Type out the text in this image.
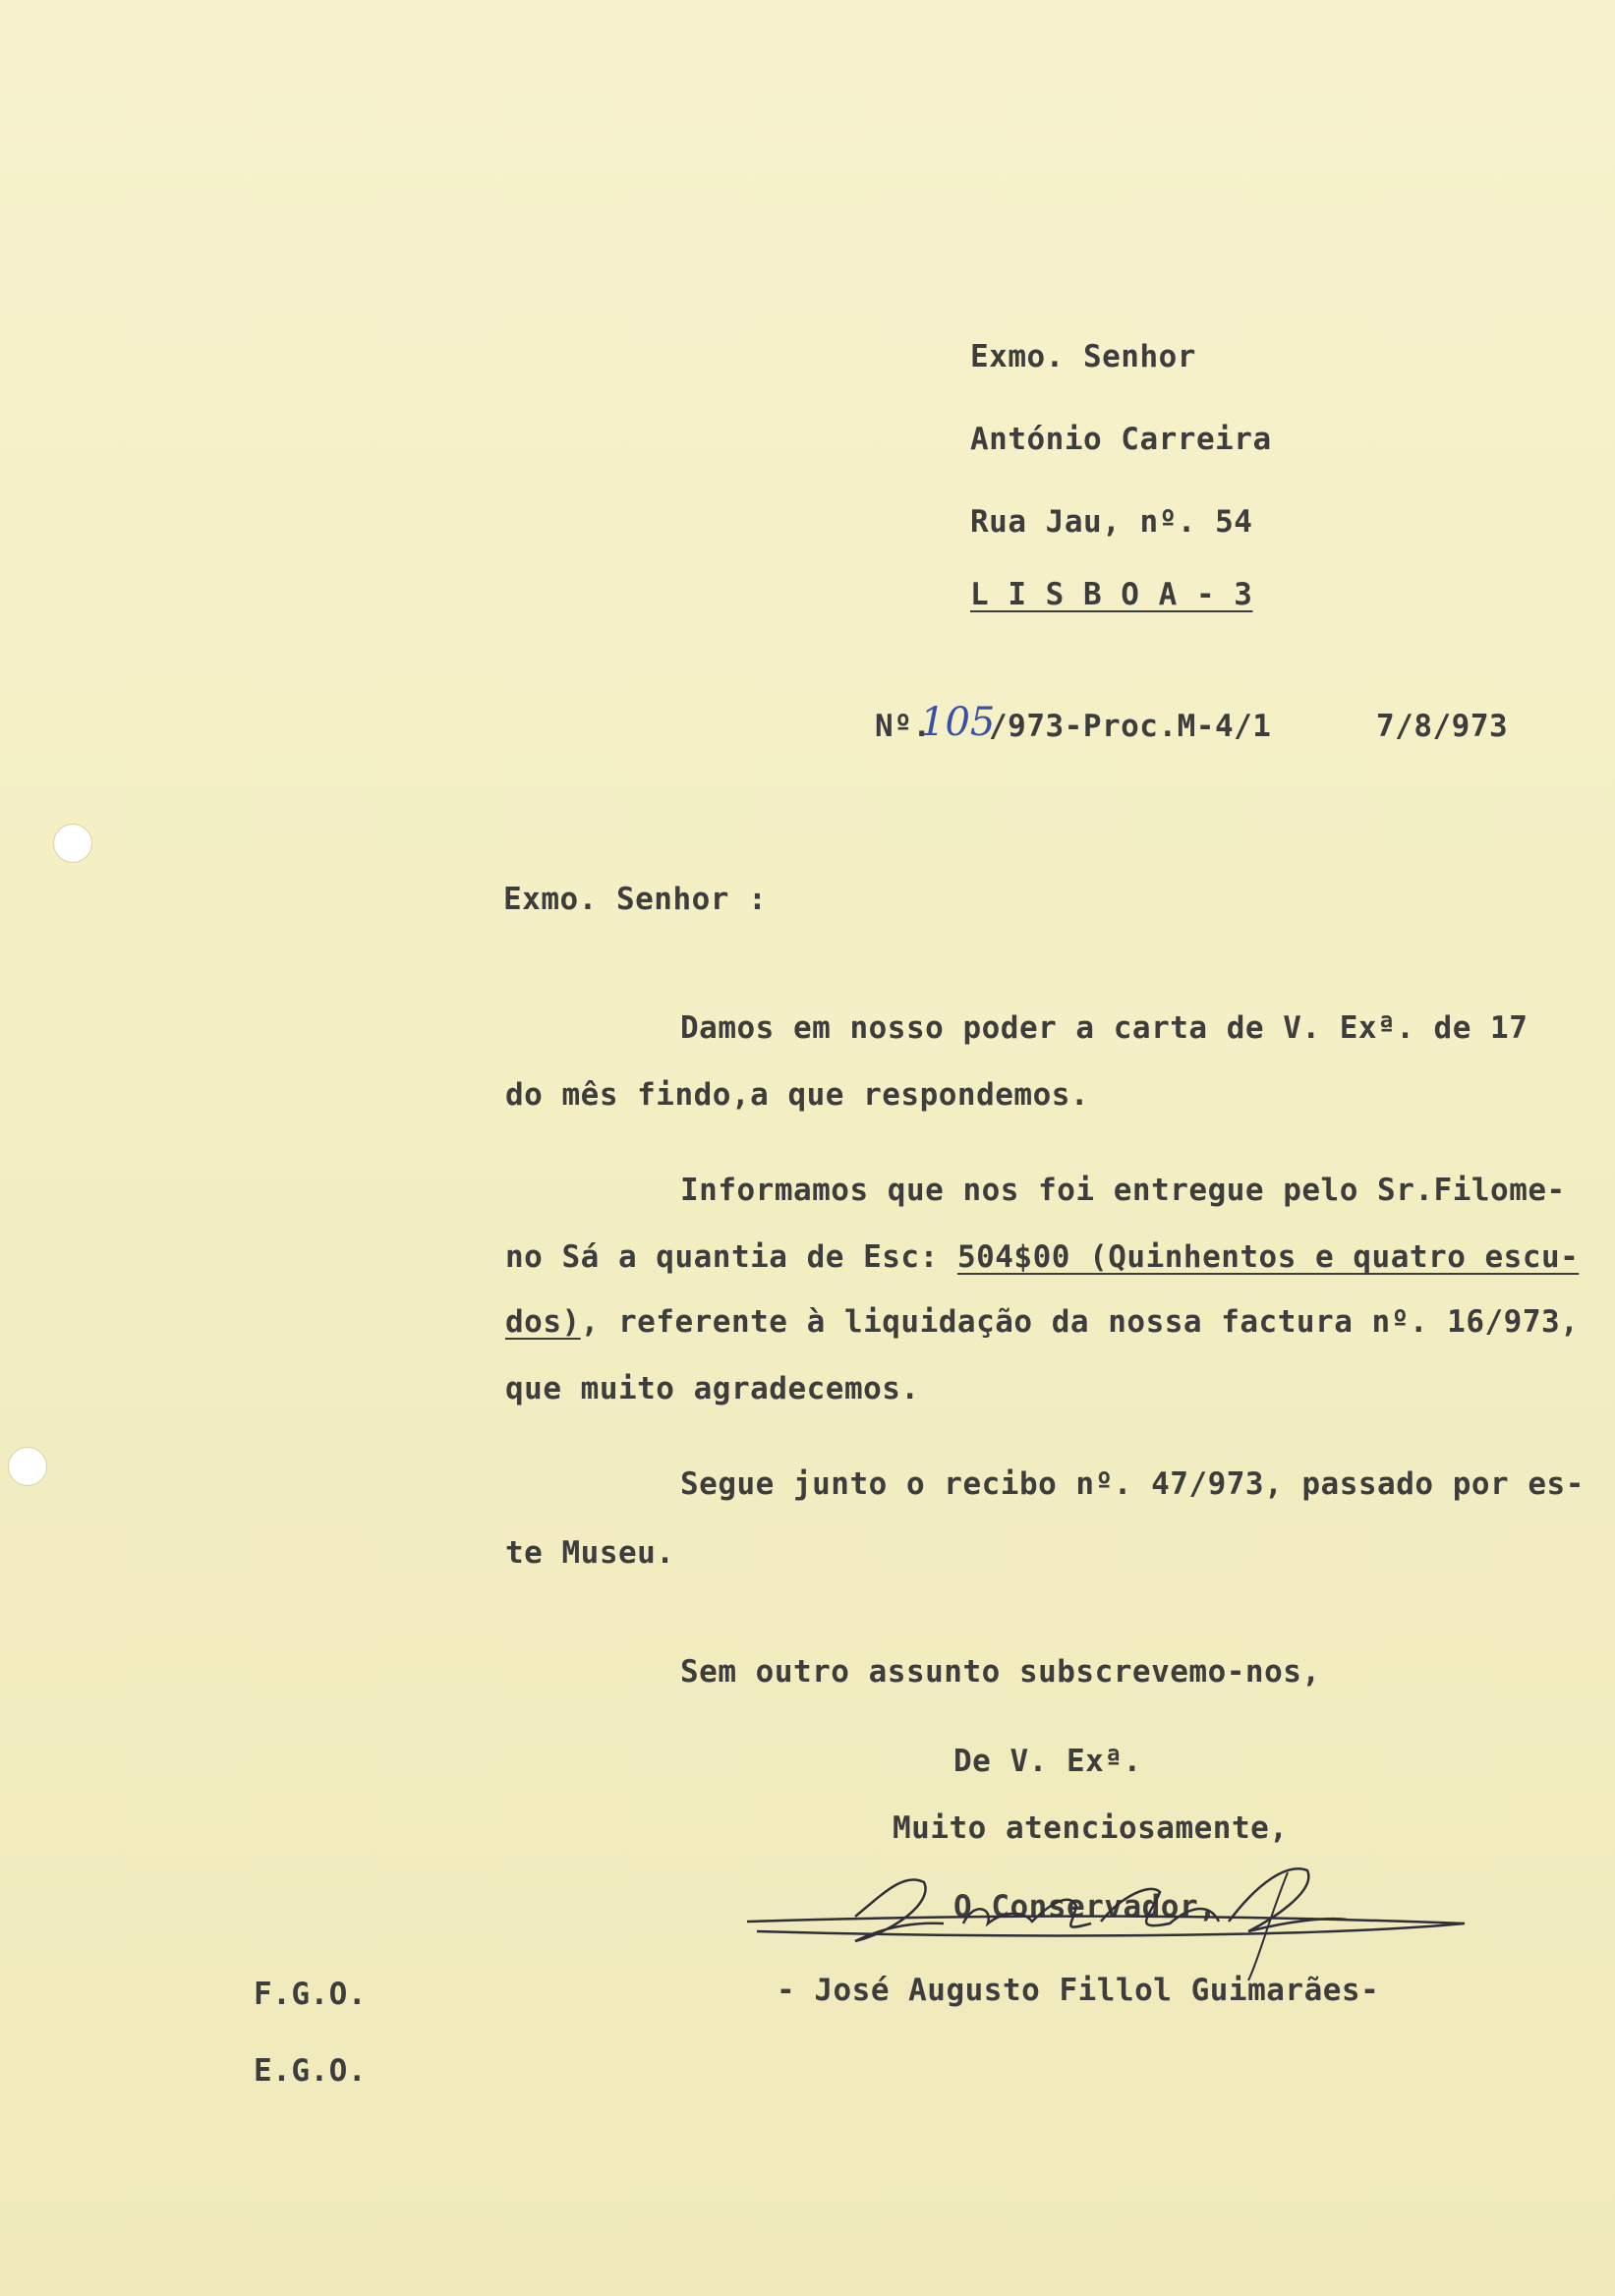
Exmo. Senhor
António Carreira
Rua Jau, nº. 54
L I S B O A - 3
Nº.
105
/973-Proc.M-4/1	7/8/973
Exmo. Senhor :
Damos em nosso poder a carta de V. Exª. de 17
do mês findo,a que respondemos.
Informamos que nos foi entregue pelo Sr.Filome-
no Sá a quantia de Esc: 504$00 (Quinhentos e quatro escu-
dos), referente à liquidação da nossa factura nº. 16/973,
que muito agradecemos.
Segue junto o recibo nº. 47/973, passado por es-
te Museu.
Sem outro assunto subscrevemo-nos,
De V. Exª.
Muito atenciosamente,
O Conservador,
- José Augusto Fillol Guimarães-
F.G.O.
E.G.O.
